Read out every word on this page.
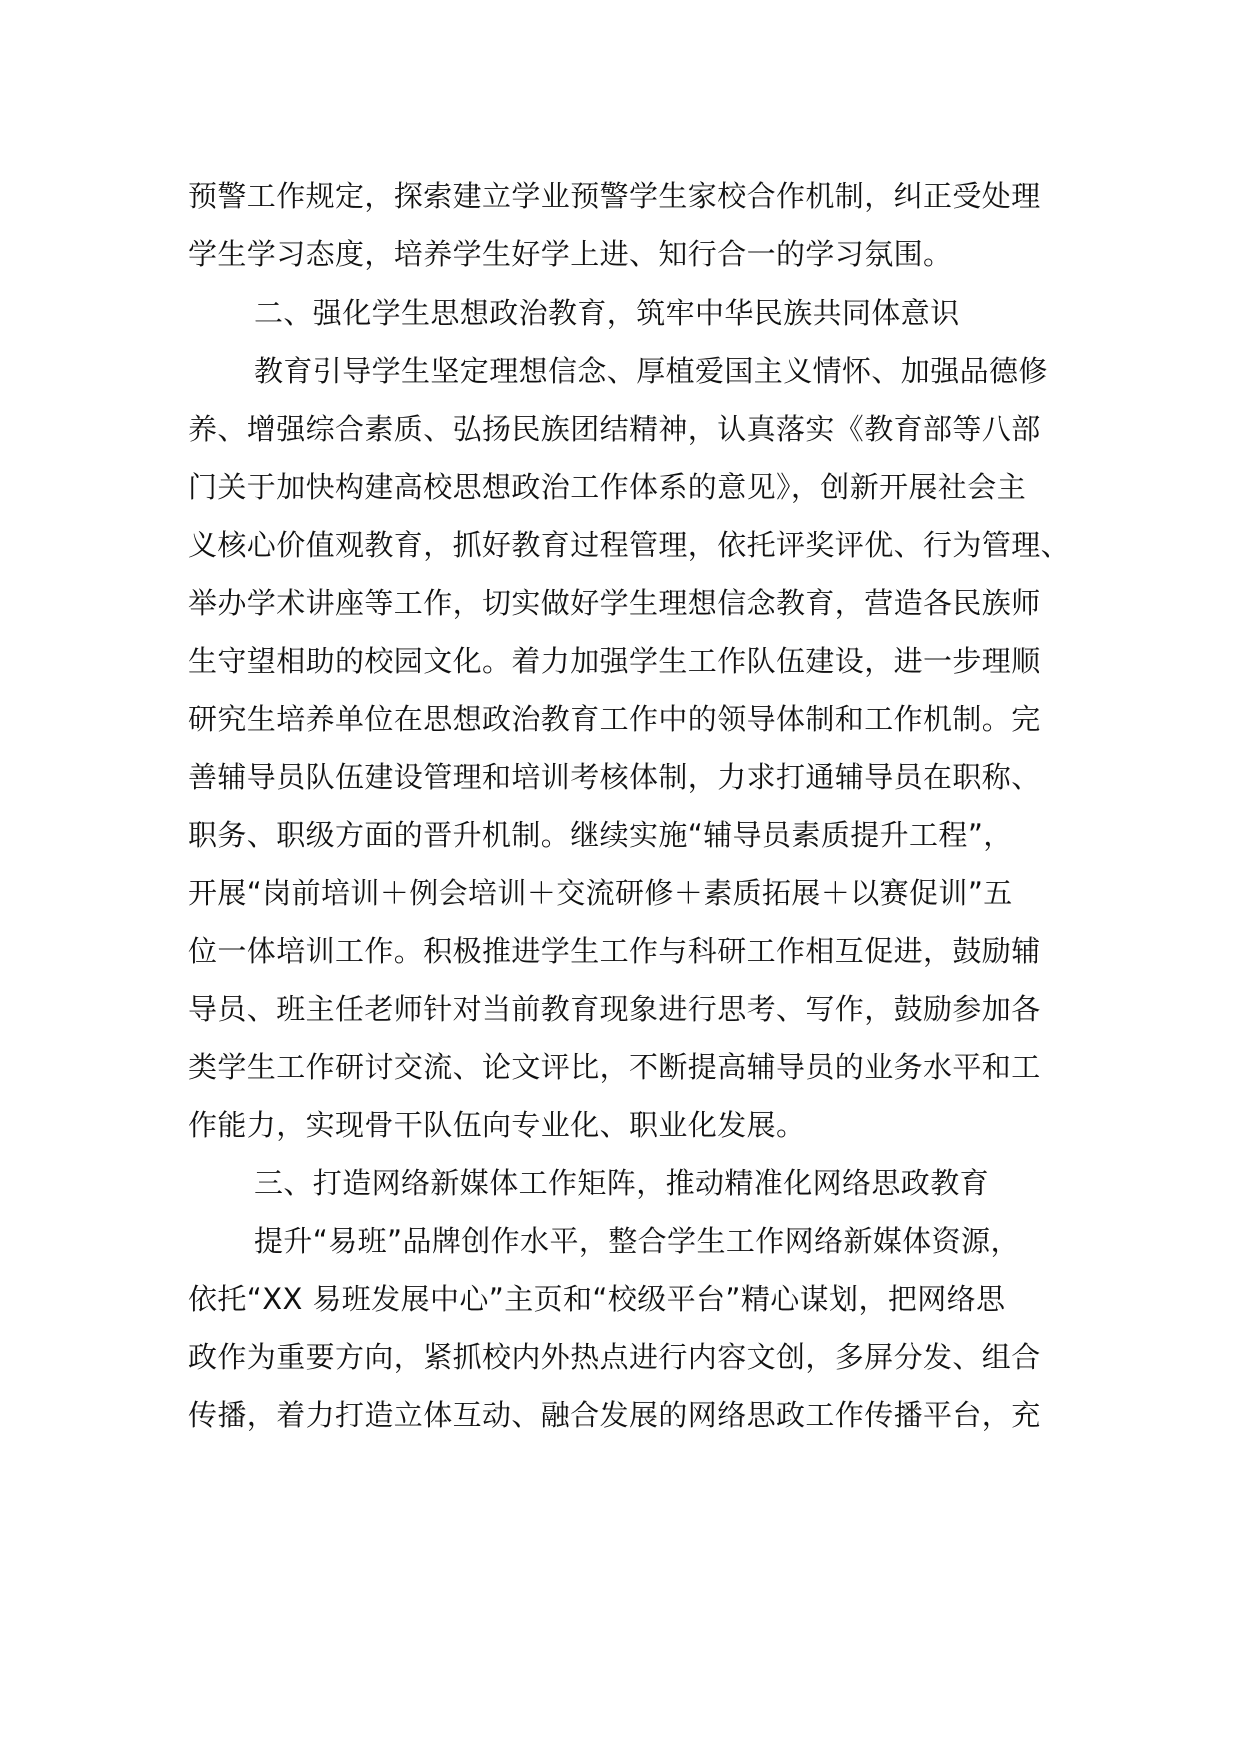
预警工作规定，探索建立学业预警学生家校合作机制，纠正受处理
学生学习态度，培养学生好学上进、知行合一的学习氛围。
二、强化学生思想政治教育，筑牢中华民族共同体意识
教育引导学生坚定理想信念、厚植爱国主义情怀、加强品德修
养、增强综合素质、弘扬民族团结精神，认真落实《教育部等八部
门关于加快构建高校思想政治工作体系的意见》，创新开展社会主
义核心价值观教育，抓好教育过程管理，依托评奖评优、行为管理、
举办学术讲座等工作，切实做好学生理想信念教育，营造各民族师
生守望相助的校园文化。着力加强学生工作队伍建设，进一步理顺
研究生培养单位在思想政治教育工作中的领导体制和工作机制。完
善辅导员队伍建设管理和培训考核体制，力求打通辅导员在职称、
职务、职级方面的晋升机制。继续实施“辅导员素质提升工程”，
开展“岗前培训＋例会培训＋交流研修＋素质拓展＋以赛促训”五
位一体培训工作。积极推进学生工作与科研工作相互促进，鼓励辅
导员、班主任老师针对当前教育现象进行思考、写作，鼓励参加各
类学生工作研讨交流、论文评比，不断提高辅导员的业务水平和工
作能力，实现骨干队伍向专业化、职业化发展。
三、打造网络新媒体工作矩阵，推动精准化网络思政教育
提升“易班”品牌创作水平，整合学生工作网络新媒体资源，
依托“XX 易班发展中心”主页和“校级平台”精心谋划，把网络思
政作为重要方向，紧抓校内外热点进行内容文创，多屏分发、组合
传播，着力打造立体互动、融合发展的网络思政工作传播平台，充
